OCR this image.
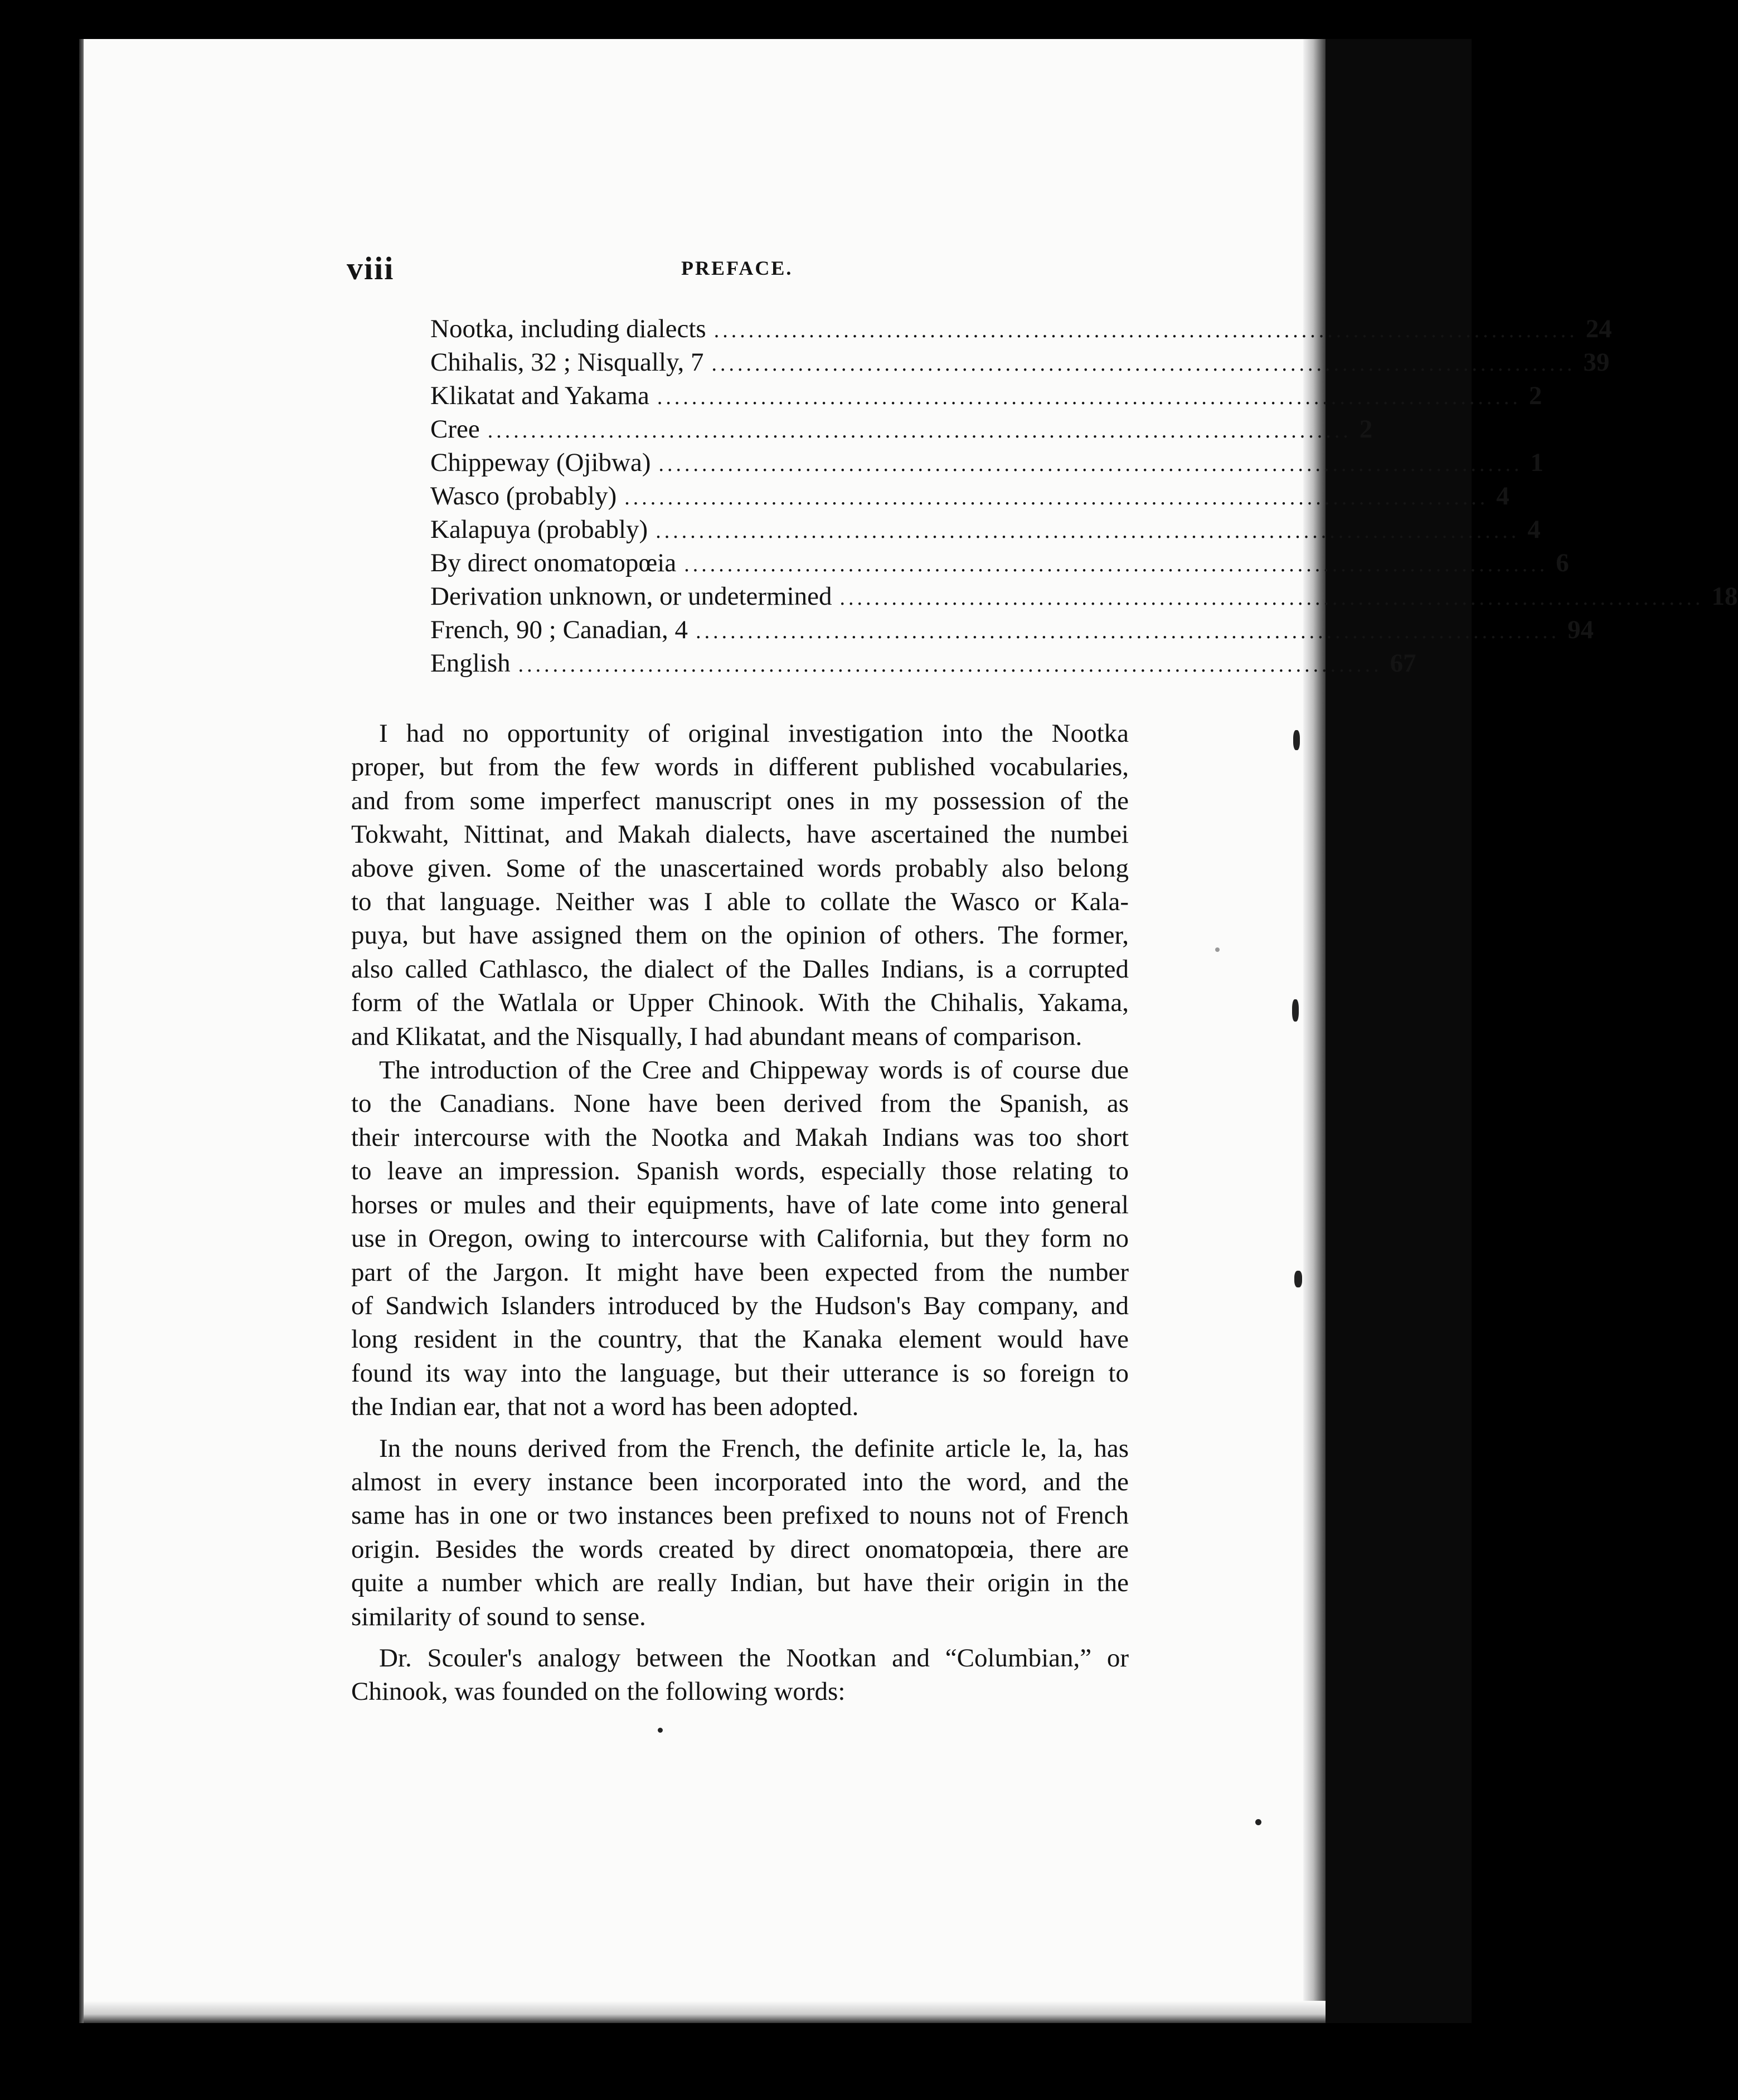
viii	PREFACE.
Nootka, including dialects .................................................................................................... 24
Chihalis, 32 ; Nisqually, 7 .................................................................................................... 39
Klikatat and Yakama .................................................................................................... 2
Cree .................................................................................................... 2
Chippeway (Ojibwa) .................................................................................................... 1
Wasco (probably) .................................................................................................... 4
Kalapuya (probably) .................................................................................................... 4
By direct onomatopœia .................................................................................................... 6
Derivation unknown, or undetermined .................................................................................................... 18
French, 90 ; Canadian, 4 .................................................................................................... 94
English .................................................................................................... 67
I had no opportunity of original investigation into the Nootka
proper, but from the few words in different published vocabularies,
and from some imperfect manuscript ones in my possession of the
Tokwaht, Nittinat, and Makah dialects, have ascertained the numbei
above given. Some of the unascertained words probably also belong
to that language. Neither was I able to collate the Wasco or Kala-
puya, but have assigned them on the opinion of others. The former,
also called Cathlasco, the dialect of the Dalles Indians, is a corrupted
form of the Watlala or Upper Chinook. With the Chihalis, Yakama,
and Klikatat, and the Nisqually, I had abundant means of comparison.
The introduction of the Cree and Chippeway words is of course due
to the Canadians. None have been derived from the Spanish, as
their intercourse with the Nootka and Makah Indians was too short
to leave an impression. Spanish words, especially those relating to
horses or mules and their equipments, have of late come into general
use in Oregon, owing to intercourse with California, but they form no
part of the Jargon. It might have been expected from the number
of Sandwich Islanders introduced by the Hudson's Bay company, and
long resident in the country, that the Kanaka element would have
found its way into the language, but their utterance is so foreign to
the Indian ear, that not a word has been adopted.
In the nouns derived from the French, the definite article le, la, has
almost in every instance been incorporated into the word, and the
same has in one or two instances been prefixed to nouns not of French
origin. Besides the words created by direct onomatopœia, there are
quite a number which are really Indian, but have their origin in the
similarity of sound to sense.
Dr. Scouler's analogy between the Nootkan and “Columbian,” or
Chinook, was founded on the following words:
